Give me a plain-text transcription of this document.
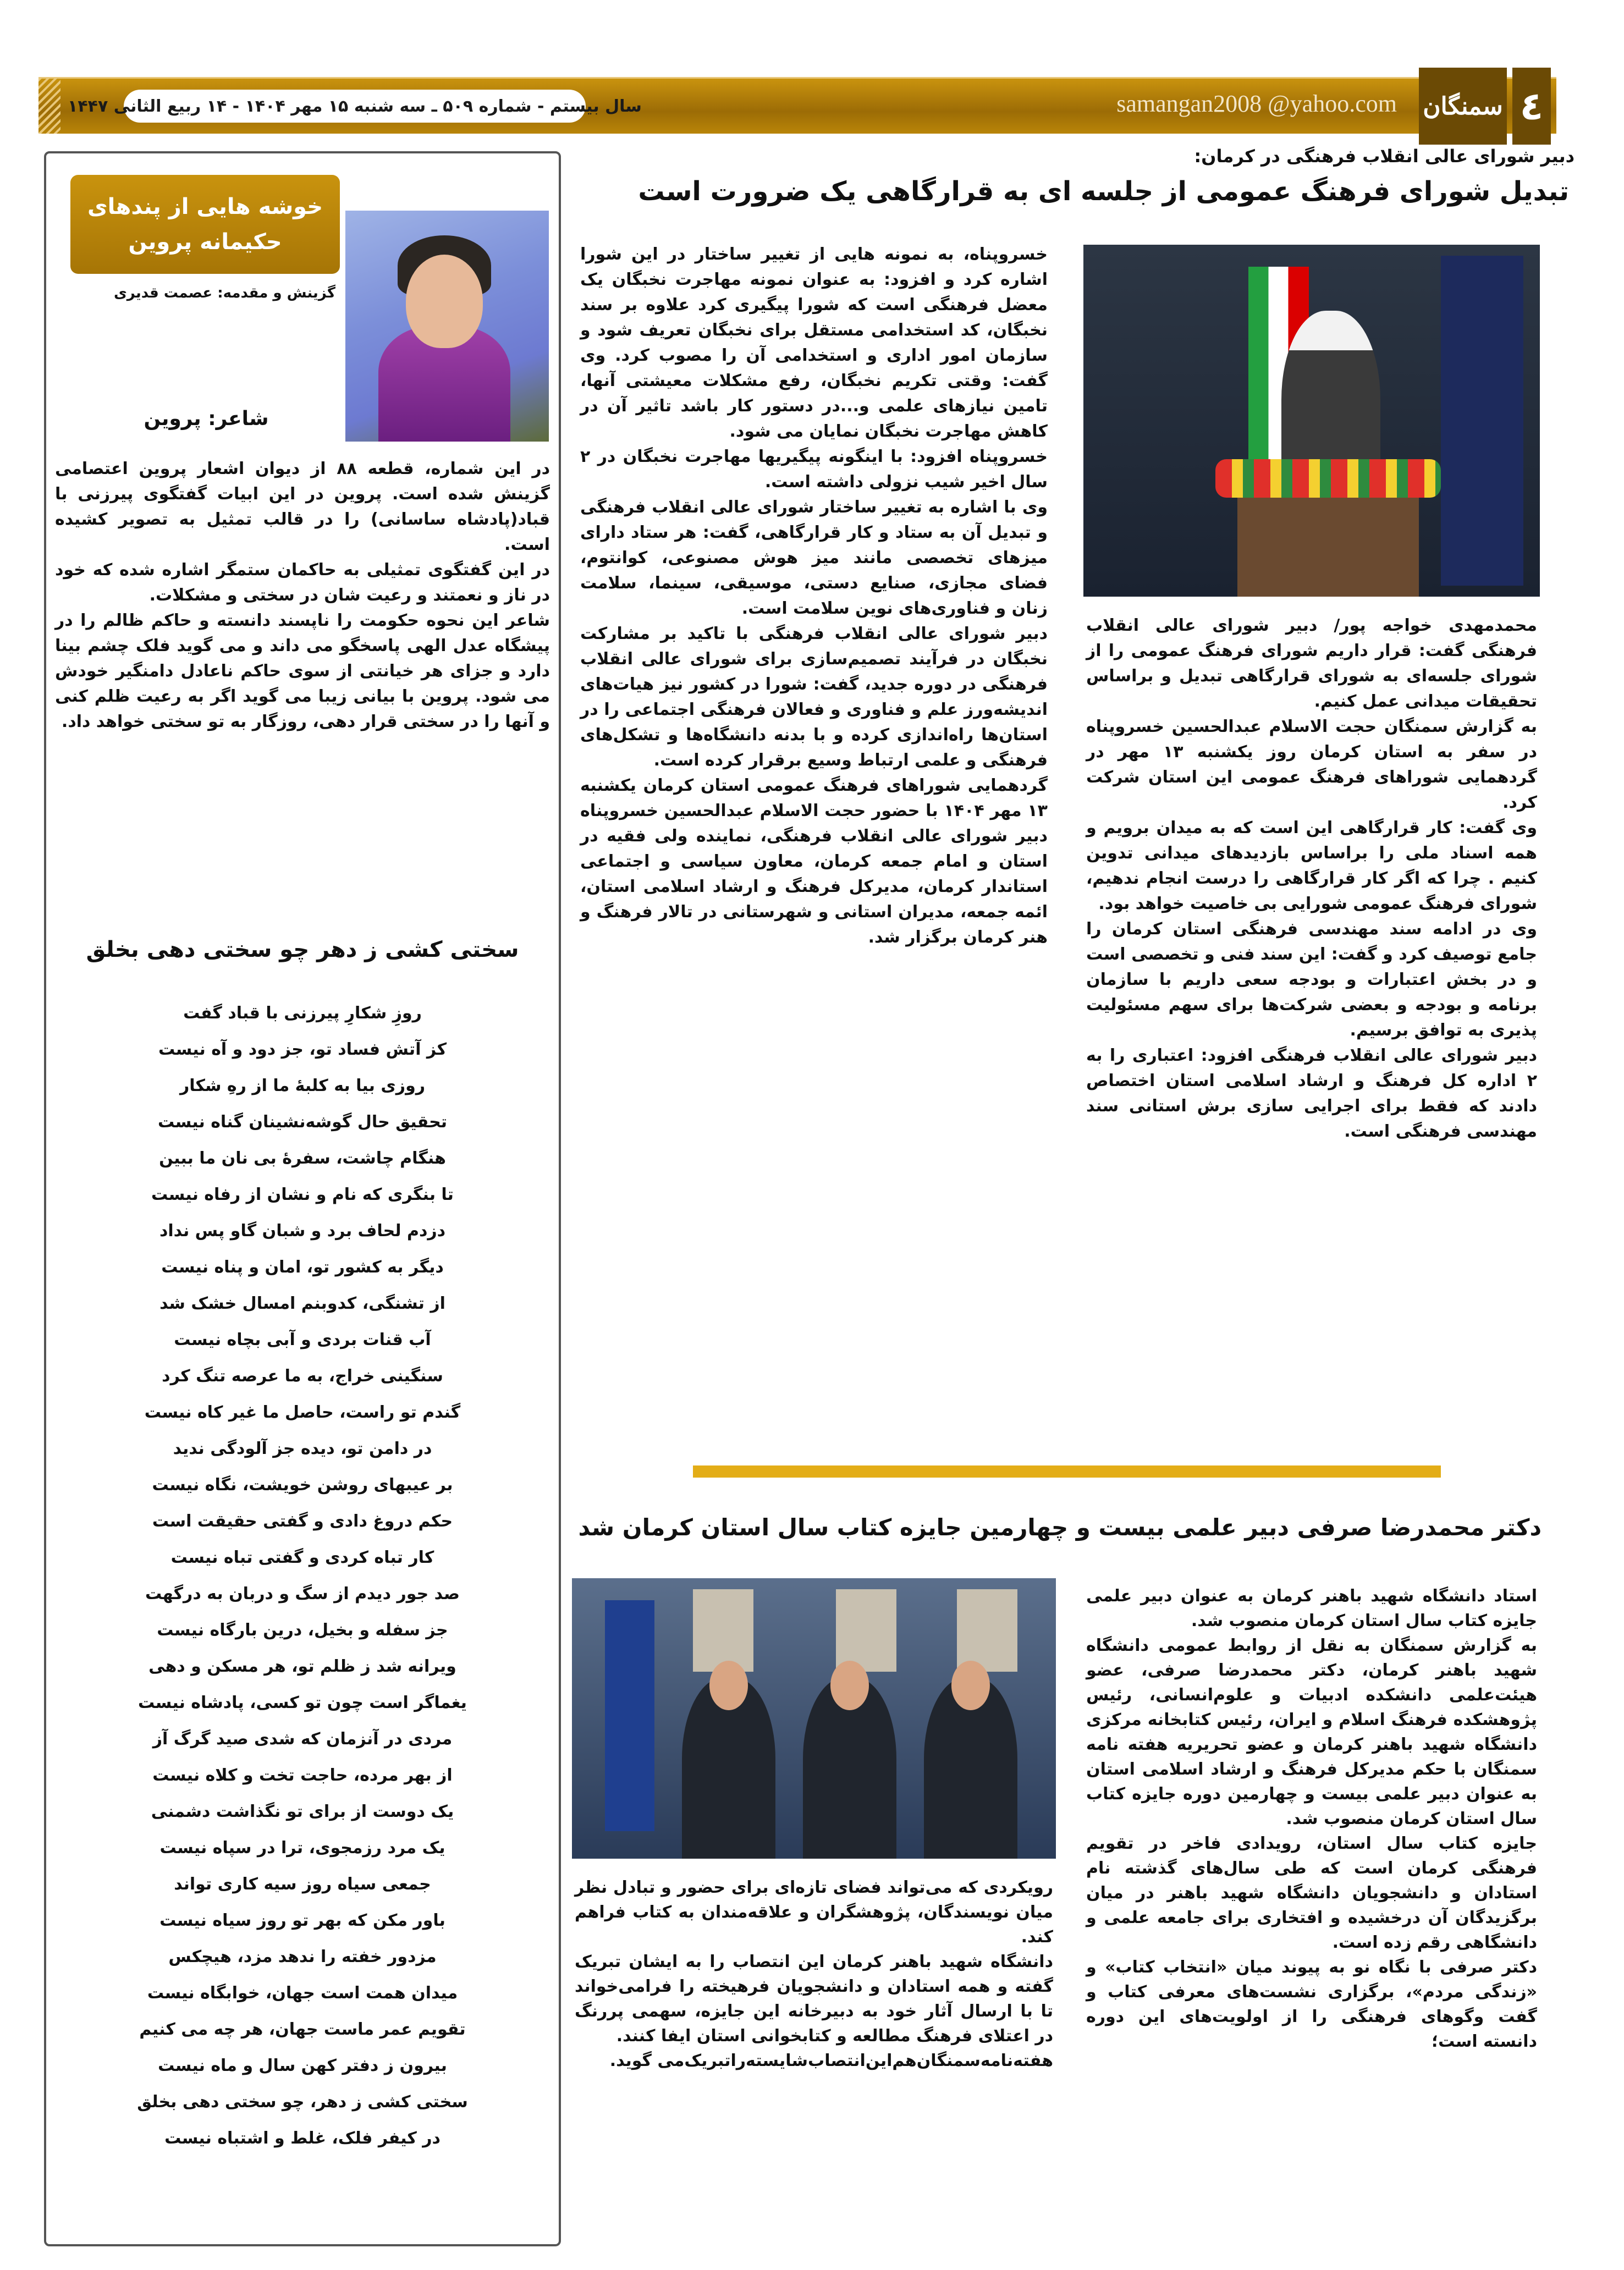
سال بیستم - شماره ۵۰۹ ـ سه شنبه ۱۵ مهر ۱۴۰۴ - ۱۴ ربیع الثانی ۱۴۴۷	samangan2008 @yahoo.com سمنگان ٤
خوشه هایی از پندهای
حکیمانه پروین
گزینش و مقدمه: عصمت قدیری
شاعر: پروین

در این شماره، قطعه ۸۸ از دیوان اشعار پروین اعتصامی گزینش شده است. پروین در این ابیات گفتگوی پیرزنی با قباد(پادشاه ساسانی) را در قالب تمثیل به تصویر کشیده است.

در این گفتگوی تمثیلی به حاکمان ستمگر اشاره شده که خود در ناز و نعمتند و رعیت شان در سختی و مشکلات.

شاعر این نحوه حکومت را ناپسند دانسته و حاکم ظالم را در پیشگاه عدل الهی پاسخگو می داند و می گوید فلک چشم بینا دارد و جزای هر خیانتی از سوی حاکم ناعادل دامنگیر خودش می شود. پروین با بیانی زیبا می گوید اگر به رعیت ظلم کنی و آنها را در سختی قرار دهی، روزگار به تو سختی خواهد داد.

سختی کشی ز دهر چو سختی دهی بخلق
روزِ شکارِ پیرزنی با قباد گفت
کز آتش فساد تو، جز دود و آه نیست
روزی بیا به کلبهٔ ما از رهِ شکار
تحقیق حال گوشه‌نشینان گناه نیست
هنگام چاشت، سفرهٔ بی نان ما ببین
تا بنگری که نام و نشان از رفاه نیست
دزدم لحاف برد و شبان گاو پس نداد
دیگر به کشور تو، امان و پناه نیست
از تشنگی، کدوبنم امسال خشک شد
آب قنات بردی و آبی بچاه نیست
سنگینی خراج، به ما عرصه تنگ کرد
گندم تو راست، حاصل ما غیر کاه نیست
در دامن تو، دیده جز آلودگی ندید
بر عیبهای روشن خویشت، نگاه نیست
حکم دروغ دادی و گفتی حقیقت است
کار تباه کردی و گفتی تباه نیست
صد جور دیدم از سگ و دربان به درگهت
جز سفله و بخیل، درین بارگاه نیست
ویرانه شد ز ظلم تو، هر مسکن و دهی
یغماگر است چون تو کسی، پادشاه نیست
مردی در آنزمان که شدی صید گرگ آز
از بهر مرده، حاجت تخت و کلاه نیست
یک دوست از برای تو نگذاشت دشمنی
یک مرد رزمجوی، ترا در سپاه نیست
جمعی سیاه روز سیه کاری تواند
باور مکن که بهر تو روز سیاه نیست
مزدور خفته را ندهد مزد، هیچکس
میدان همت است جهان، خوابگاه نیست
تقویم عمر ماست جهان، هر چه می کنیم
بیرون ز دفتر کهن سال و ماه نیست
سختی کشی ز دهر، چو سختی دهی بخلق
در کیفر فلک، غلط و اشتباه نیست
دبیر شورای عالی انقلاب فرهنگی در کرمان:
تبدیل شورای فرهنگ عمومی از جلسه ای به قرارگاهی یک ضرورت است

محمدمهدی خواجه پور/ دبیر شورای عالی انقلاب فرهنگی گفت: قرار داریم شورای فرهنگ عمومی را از شورای جلسه‌ای به شورای قرارگاهی تبدیل و براساس تحقیقات میدانی عمل کنیم.

به گزارش سمنگان حجت الاسلام عبدالحسین خسروپناه در سفر به استان کرمان روز یکشنبه ۱۳ مهر در گردهمایی شوراهای فرهنگ عمومی این استان شرکت کرد.

وی گفت: کار قرارگاهی این است که به میدان برویم و همه اسناد ملی را براساس بازدیدهای میدانی تدوین کنیم . چرا که اگر کار قرارگاهی را درست انجام ندهیم، شورای فرهنگ عمومی شورایی بی خاصیت خواهد بود.

وی در ادامه سند مهندسی فرهنگی استان کرمان را جامع توصیف کرد و گفت: این سند فنی و تخصصی است و در بخش اعتبارات و بودجه سعی داریم با سازمان برنامه و بودجه و بعضی شرکت‌ها برای سهم مسئولیت پذیری به توافق برسیم.

دبیر شورای عالی انقلاب فرهنگی افزود: اعتباری را به ۲ اداره کل فرهنگ و ارشاد اسلامی استان اختصاص دادند که فقط برای اجرایی سازی برش استانی سند مهندسی فرهنگی است.

خسروپناه، به نمونه هایی از تغییر ساختار در این شورا اشاره کرد و افزود: به عنوان نمونه مهاجرت نخبگان یک معضل فرهنگی است که شورا پیگیری کرد علاوه بر سند نخبگان، کد استخدامی مستقل برای نخبگان تعریف شود و سازمان امور اداری و استخدامی آن را مصوب کرد. وی گفت: وقتی تکریم نخبگان، رفع مشکلات معیشتی آنها، تامین نیازهای علمی و...در دستور کار باشد تاثیر آن در کاهش مهاجرت نخبگان نمایان می شود.

خسروپناه افزود: با اینگونه پیگیریها مهاجرت نخبگان در ۲ سال اخیر شیب نزولی داشته است.

وی با اشاره به تغییر ساختار شورای عالی انقلاب فرهنگی و تبدیل آن به ستاد و کار قرارگاهی، گفت: هر ستاد دارای میزهای تخصصی مانند میز هوش مصنوعی، کوانتوم، فضای مجازی، صنایع دستی، موسیقی، سینما، سلامت زنان و فناوری‌های نوین سلامت است.

دبیر شورای عالی انقلاب فرهنگی با تاکید بر مشارکت نخبگان در فرآیند تصمیم‌سازی برای شورای عالی انقلاب فرهنگی در دوره جدید، گفت: شورا در کشور نیز هیات‌های اندیشه‌ورز علم و فناوری و فعالان فرهنگی اجتماعی را در استان‌ها راه‌اندازی کرده و با بدنه دانشگاه‌ها و تشکل‌های فرهنگی و علمی ارتباط وسیع برقرار کرده است.

گردهمایی شوراهای فرهنگ عمومی استان کرمان یکشنبه ۱۳ مهر ۱۴۰۴ با حضور حجت الاسلام عبدالحسین خسروپناه دبیر شورای عالی انقلاب فرهنگی، نماینده ولی فقیه در استان و امام جمعه کرمان، معاون سیاسی و اجتماعی استاندار کرمان، مدیرکل فرهنگ و ارشاد اسلامی استان، ائمه جمعه، مدیران استانی و شهرستانی در تالار فرهنگ و هنر کرمان برگزار شد.

دکتر محمدرضا صرفی دبیر علمی بیست و چهارمین جایزه کتاب سال استان کرمان شد

استاد دانشگاه شهید باهنر کرمان به عنوان دبیر علمی جایزه کتاب سال استان کرمان منصوب شد.

به گزارش سمنگان به نقل از روابط عمومی دانشگاه شهید باهنر کرمان، دکتر محمدرضا صرفی، عضو هیئت‌علمی دانشکده ادبیات و علوم‌انسانی، رئیس پژوهشکده فرهنگ اسلام و ایران، رئیس کتابخانه مرکزی دانشگاه شهید باهنر کرمان و عضو تحریریه هفته نامه سمنگان با حکم مدیرکل فرهنگ و ارشاد اسلامی استان به عنوان دبیر علمی بیست و چهارمین دوره جایزه کتاب سال استان کرمان منصوب شد.

جایزه کتاب سال استان، رویدادی فاخر در تقویم فرهنگی کرمان است که طی سال‌های گذشته نام استادان و دانشجویان دانشگاه شهید باهنر در میان برگزیدگان آن درخشیده و افتخاری برای جامعه علمی و دانشگاهی رقم زده است.

دکتر صرفی با نگاه نو به پیوند میان «انتخاب کتاب» و «زندگی مردم»، برگزاری نشست‌های معرفی کتاب و گفت وگوهای فرهنگی را از اولویت‌های این دوره دانسته است؛

رویکردی که می‌تواند فضای تازه‌ای برای حضور و تبادل نظر میان نویسندگان، پژوهشگران و علاقه‌مندان به کتاب فراهم کند.

دانشگاه شهید باهنر کرمان این انتصاب را به ایشان تبریک گفته و همه استادان و دانشجویان فرهیخته را فرامی‌خواند تا با ارسال آثار خود به دبیرخانه این جایزه، سهمی پررنگ در اعتلای فرهنگ مطالعه و کتابخوانی استان ایفا کنند.

هفته‌نامه‌سمنگان‌هم‌این‌انتصاب‌شایسته‌را‌تبریک‌می گوید.
